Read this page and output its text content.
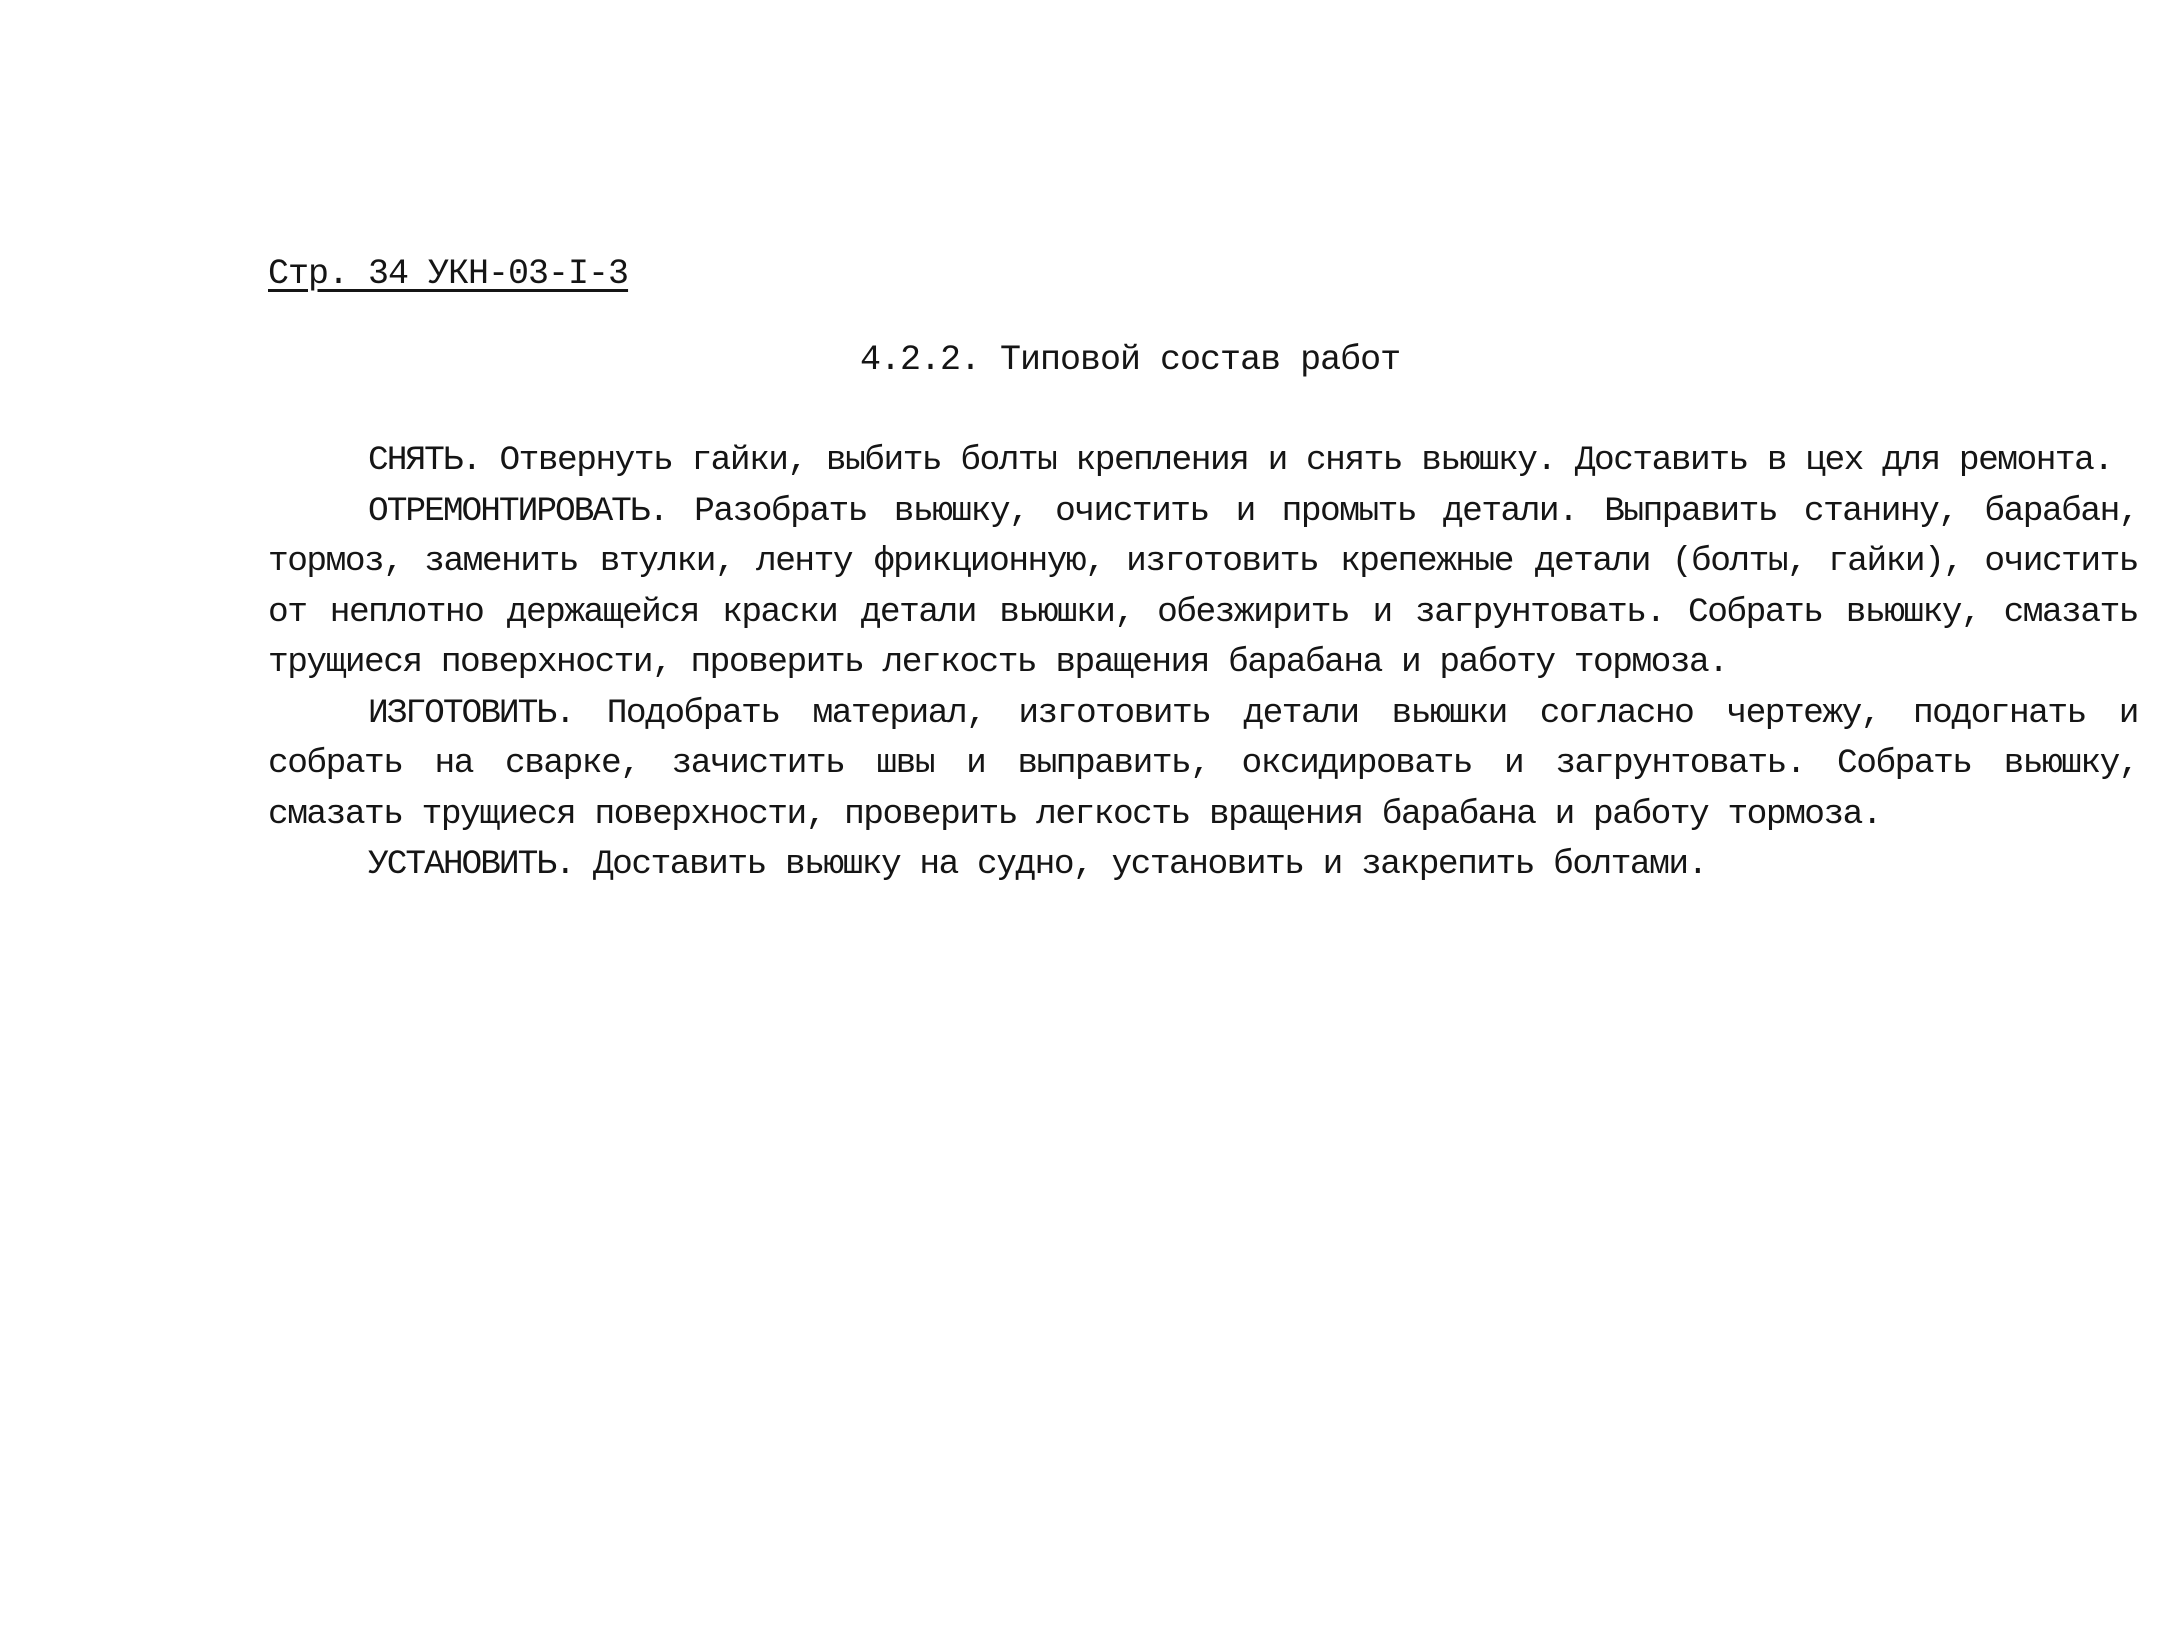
Стр. 34 УКН-03-I-3
4.2.2. Типовой состав работ

СНЯТЬ. Отвернуть гайки, выбить болты крепления и снять вьюшку. Доставить в цех для ремонта.

ОТРЕМОНТИРОВАТЬ. Разобрать вьюшку, очистить и промыть детали. Выправить станину, барабан, тормоз, заменить втулки, ленту фрикционную, изготовить крепежные детали (болты, гайки), очистить от неплотно держащейся краски детали вьюшки, обезжирить и загрунтовать. Собрать вьюшку, смазать трущиеся поверхности, проверить легкость вращения барабана и работу тормоза.

ИЗГОТОВИТЬ. Подобрать материал, изготовить детали вьюшки согласно чертежу, подогнать и собрать на сварке, зачистить швы и выправить, оксидировать и загрунтовать. Собрать вьюшку, смазать трущиеся поверхности, проверить легкость вращения барабана и работу тормоза.

УСТАНОВИТЬ. Доставить вьюшку на судно, установить и закрепить болтами.
